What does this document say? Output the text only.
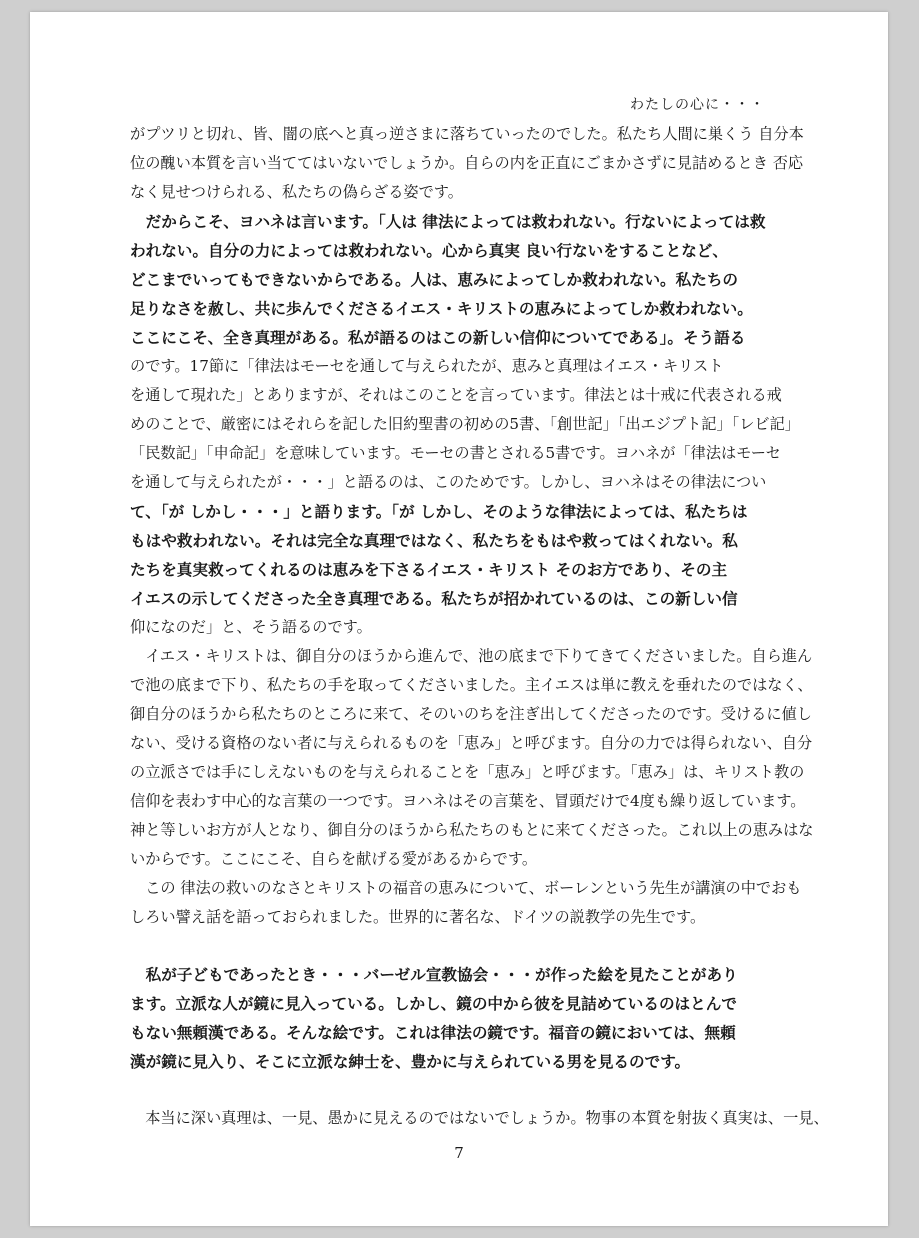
わたしの心に・・・
がプツリと切れ、皆、闇の底へと真っ逆さまに落ちていったのでした。私たち人間に巣くう 自分本
位の醜い本質を言い当ててはいないでしょうか。自らの内を正直にごまかさずに見詰めるとき 否応
なく見せつけられる、私たちの偽らざる姿です。
　だからこそ、ヨハネは言います。「人は 律法によっては救われない。行ないによっては救
われない。自分の力によっては救われない。心から真実 良い行ないをすることなど、
どこまでいってもできないからである。人は、恵みによってしか救われない。私たちの
足りなさを赦し、共に歩んでくださるイエス・キリストの恵みによってしか救われない。
ここにこそ、全き真理がある。私が語るのはこの新しい信仰についてである」。そう語る
のです。17節に「律法はモーセを通して与えられたが、恵みと真理はイエス・キリスト
を通して現れた」とありますが、それはこのことを言っています。律法とは十戒に代表される戒
めのことで、厳密にはそれらを記した旧約聖書の初めの5書、「創世記」「出エジプト記」「レビ記」
「民数記」「申命記」を意味しています。モーセの書とされる5書です。ヨハネが「律法はモーセ
を通して与えられたが・・・」と語るのは、このためです。しかし、ヨハネはその律法につい
て、「が しかし・・・」と語ります。「が しかし、そのような律法によっては、私たちは
もはや救われない。それは完全な真理ではなく、私たちをもはや救ってはくれない。私
たちを真実救ってくれるのは恵みを下さるイエス・キリスト そのお方であり、その主
イエスの示してくださった全き真理である。私たちが招かれているのは、この新しい信
仰になのだ」と、そう語るのです。
　イエス・キリストは、御自分のほうから進んで、池の底まで下りてきてくださいました。自ら進ん
で池の底まで下り、私たちの手を取ってくださいました。主イエスは単に教えを垂れたのではなく、
御自分のほうから私たちのところに来て、そのいのちを注ぎ出してくださったのです。受けるに値し
ない、受ける資格のない者に与えられるものを「恵み」と呼びます。自分の力では得られない、自分
の立派さでは手にしえないものを与えられることを「恵み」と呼びます。「恵み」は、キリスト教の
信仰を表わす中心的な言葉の一つです。ヨハネはその言葉を、冒頭だけで4度も繰り返しています。
神と等しいお方が人となり、御自分のほうから私たちのもとに来てくださった。これ以上の恵みはな
いからです。ここにこそ、自らを献げる愛があるからです。
　この 律法の救いのなさとキリストの福音の恵みについて、ボーレンという先生が講演の中でおも
しろい譬え話を語っておられました。世界的に著名な、ドイツの説教学の先生です。
　私が子どもであったとき・・・バーゼル宣教協会・・・が作った絵を見たことがあり
ます。立派な人が鏡に見入っている。しかし、鏡の中から彼を見詰めているのはとんで
もない無頼漢である。そんな絵です。これは律法の鏡です。福音の鏡においては、無頼
漢が鏡に見入り、そこに立派な紳士を、豊かに与えられている男を見るのです。
　本当に深い真理は、一見、愚かに見えるのではないでしょうか。物事の本質を射抜く真実は、一見、
7
